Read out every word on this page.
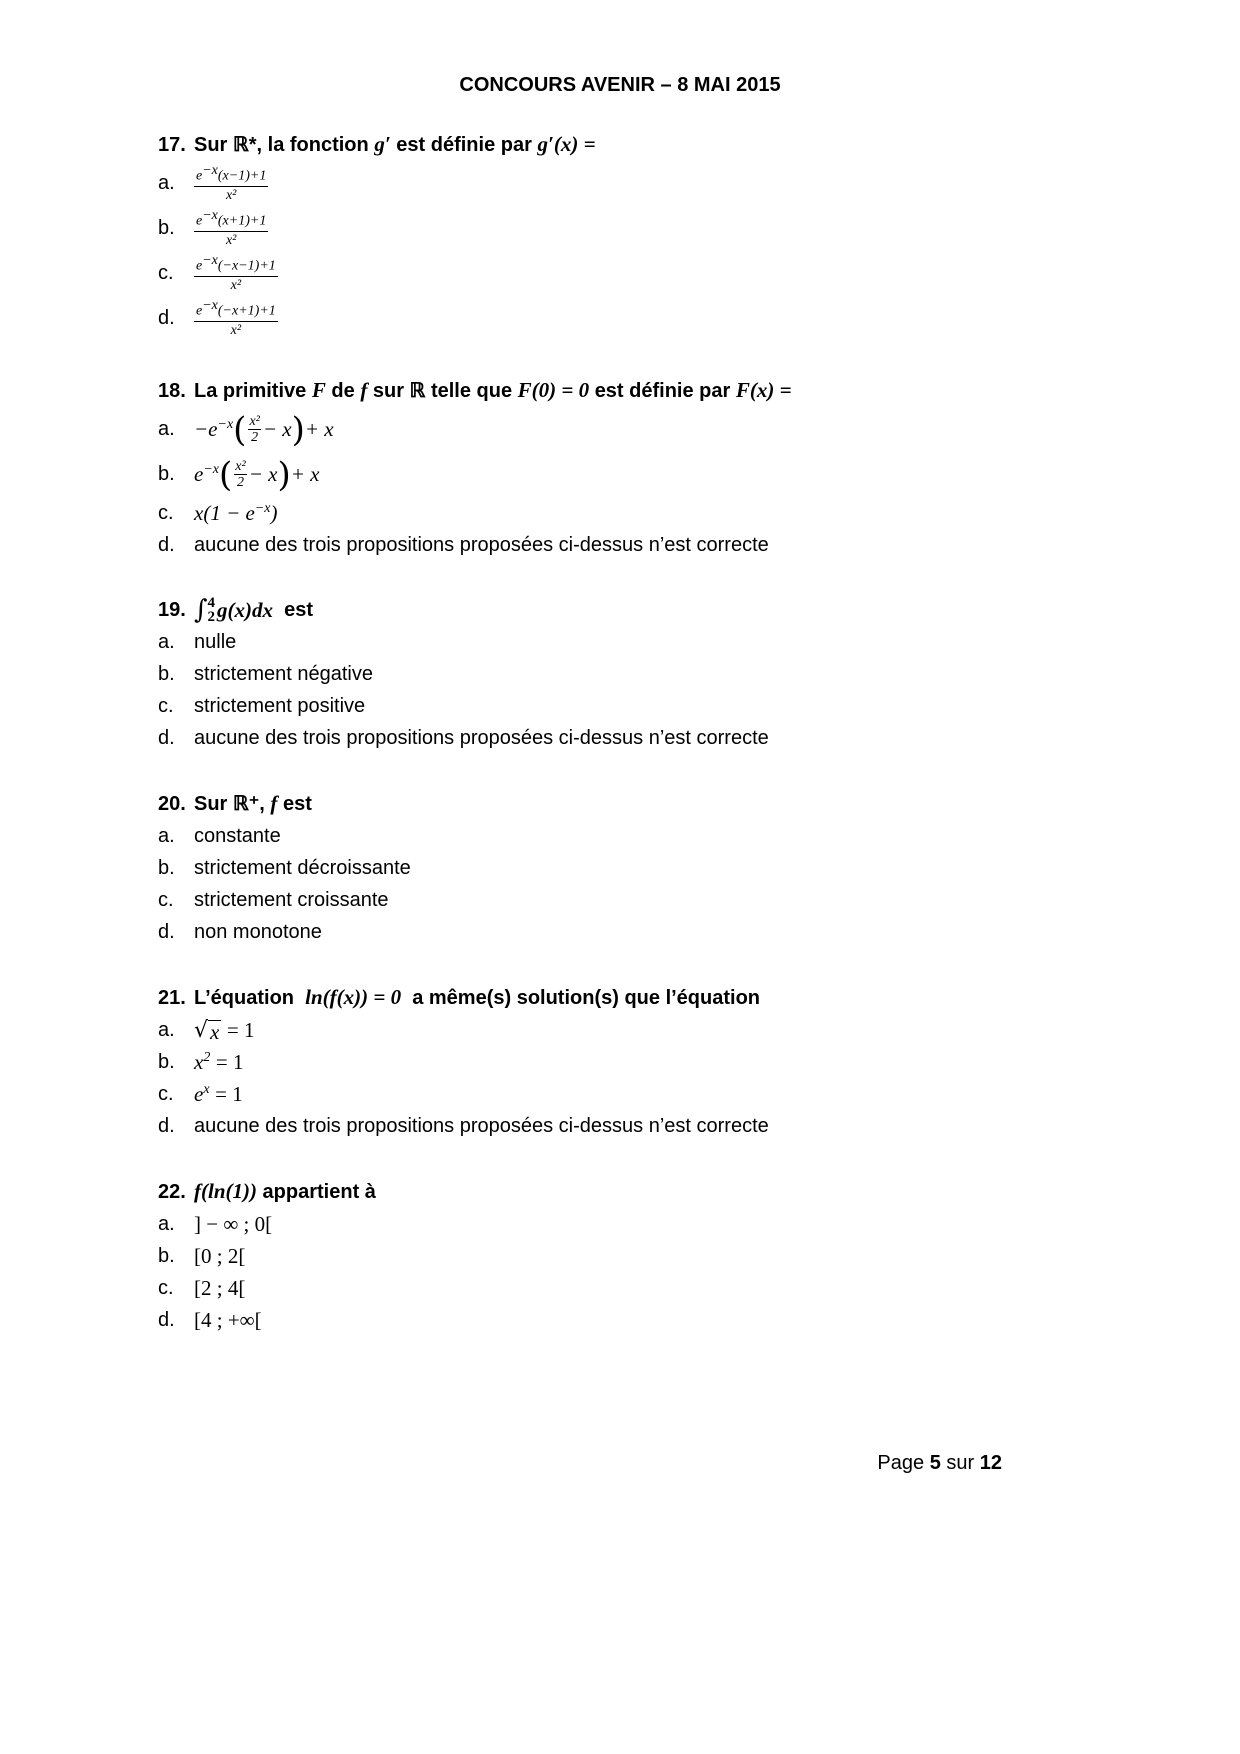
CONCOURS AVENIR – 8 MAI 2015
17. Sur ℝ*, la fonction
g′
est définie par
g′(x) =
a.	$\frac{e^{-x}(x-1)+1}{\text{x²}}$
b.	$\frac{e^{-x}(x+1)+1}{\text{x²}}$
c.	$\frac{e^{-x}(-x-1)+1}{\text{x²}}$
d.	$\frac{e^{-x}(-x+1)+1}{\text{x²}}$
18. La primitive
F
de
f
sur ℝ telle que
F(0) = 0
est définie par
F(x) =
a. $-e^{-x}$ ( $\frac{\text{x²}}{2} - x$ ) + x
b. $e^{-x}$ ( $\frac{\text{x²}}{2} - x$ ) + x
c. $x(1 - e^{-x})$
d. aucune des trois propositions proposées ci-dessus n’est correcte
19. ∫ 4
2 g(x)dx
est
a. nulle
b. strictement négative
c.	strictement positive
d. aucune des trois propositions proposées ci-dessus n’est correcte
20. Sur ℝ⁺,
f
est
a. constante
b. strictement décroissante
c.	strictement croissante
d. non monotone
21. L’équation
ln(f(x)) = 0
a même(s) solution(s) que l’équation
a. √ x
= 1
b. $x^2$
= 1
c. $e^x$
= 1
d. aucune des trois propositions proposées ci-dessus n’est correcte
22. f(ln(1))
appartient à
a. ] − ∞ ; 0[
b. [0 ; 2[
c. [2 ; 4[
d. [4 ; +∞[
Page 5 sur 12
